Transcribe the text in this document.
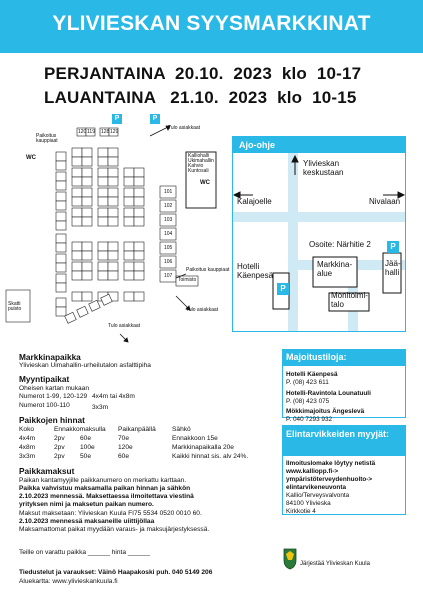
YLIVIESKAN SYYSMARKKINAT
PERJANTAINA  20.10.  2023  klo  10-17
LAUANTAINA   21.10.  2023  klo  10-15
P	P
WC
WC
Paikoitus kauppiaat
Tulo asiakkaat
Kalliohalli Ukimahallin Kahvio Kuntosali
Paikoitus kauppiaat
Toimisto
Tulo asiakkaat
Tulo asiakkaat
Skatti puisto
120 119 128 129
101
102
103
104
105
106
107
Ajo-ohje
Ylivieskan
keskustaan
Kalajoelle	Nivalaan
Osoite: Närhitie 2
Hotelli
Käenpesä
Markkina-
alue
Jää-
halli
Monitoimi-
talo
P
P
Markkinapaikka
Ylivieskan Uimahallin-urheilutalon asfalttipiha
Myyntipaikat
Oheisen kartan mukaan
Numerot 1-99, 120-129 4x4m tai 4x8m
Numerot 100-110	3x3m
Paikkojen hinnat
Koko	Ennakkomaksulla Paikanpäällä Sähkö
4x4m	2pv 60e	70e	Ennakkoon 15e
4x8m	2pv 100e	120e	Markkinapaikalla 20e
3x3m	2pv 50e	60e	Kaikki hinnat sis. alv 24%.
Paikkamaksut
Paikan kantamyyjille paikkanumero on merkattu karttaan.
Paikka vahvistuu maksamalla paikan hinnan ja sähkön
2.10.2023 mennessä. Maksettaessa ilmoitettava viestinä
yrityksen nimi ja maksetun paikan numero.
Maksut maksetaan: Ylivieskan Kuula FI75 5534 0520 0010 60.
2.10.2023 mennessä maksaneille uiittijöllaa
Maksamattomat paikat myydään varaus- ja maksujärjestyksessä.
Teille on varattu paikka ______ hinta ______
Tiedustelut ja varaukset: Väinö Haapakoski puh. 040 5149 206
Aluekartta: www.ylivieskankuula.fi
Majoitustiloja:
Hotelli Käenpesä
P. (08) 423 611
Hotelli-Ravintola Lounatuuli
P. (08) 423 075
Mökkimajoitus Ängeslevä
P. 040 7293 932
Elintarvikkeiden myyjät:
Ilmoituslomake löytyy netistä
www.kalliopp.fi->
ympäristöterveydenhuolto->
elintarvikeneuvonta
Kallio/Terveysvalvonta
84100 Ylivieska
Kirkkotie 4
Järjestää Ylivieskan Kuula
